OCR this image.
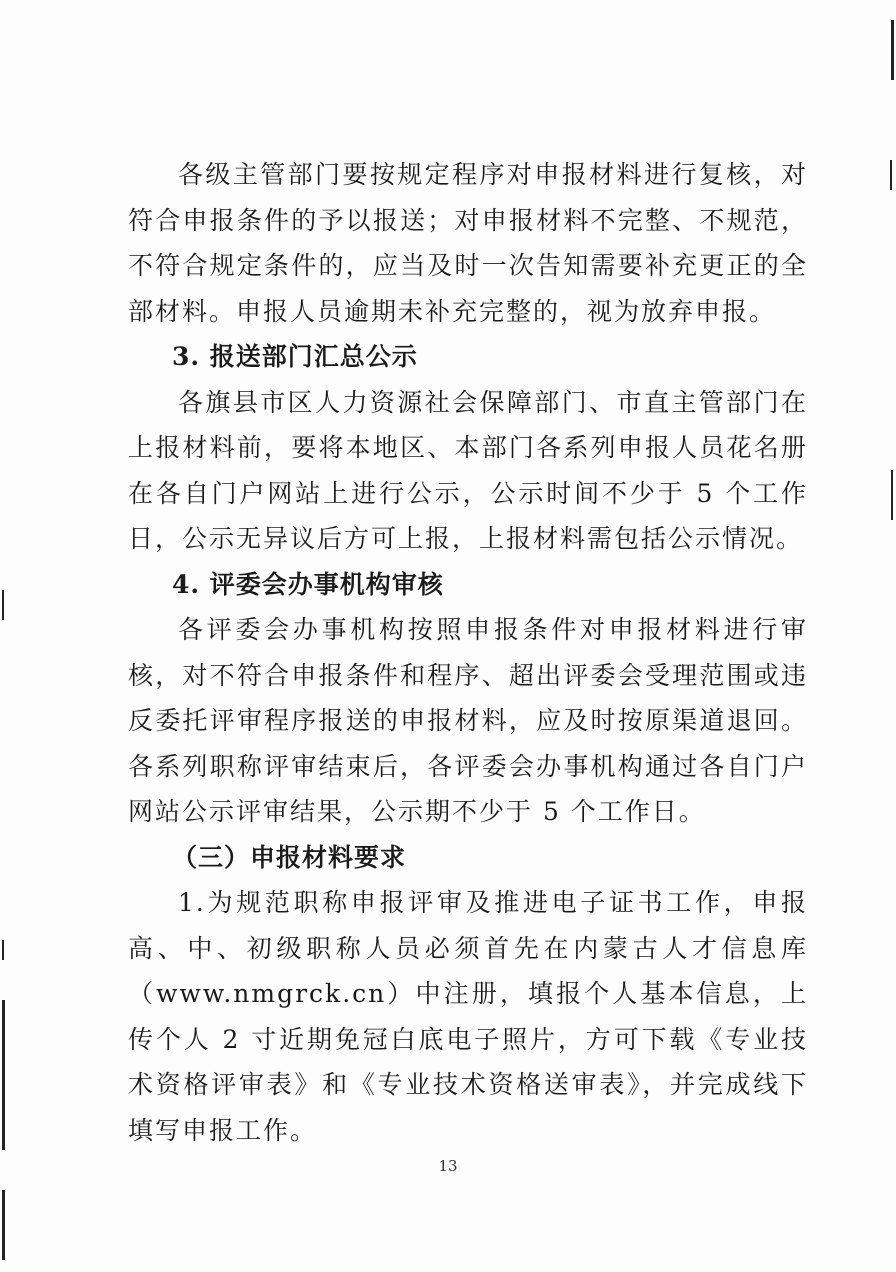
各级主管部门要按规定程序对申报材料进行复核，对符合申报条件的予以报送；对申报材料不完整、不规范，不符合规定条件的，应当及时一次告知需要补充更正的全部材料。申报人员逾期未补充完整的，视为放弃申报。

3. 报送部门汇总公示

各旗县市区人力资源社会保障部门、市直主管部门在上报材料前，要将本地区、本部门各系列申报人员花名册在各自门户网站上进行公示，公示时间不少于 5 个工作日，公示无异议后方可上报，上报材料需包括公示情况。

4. 评委会办事机构审核

各评委会办事机构按照申报条件对申报材料进行审核，对不符合申报条件和程序、超出评委会受理范围或违反委托评审程序报送的申报材料，应及时按原渠道退回。各系列职称评审结束后，各评委会办事机构通过各自门户网站公示评审结果，公示期不少于 5 个工作日。

（三）申报材料要求

1.为规范职称申报评审及推进电子证书工作，申报高、中、初级职称人员必须首先在内蒙古人才信息库（www.nmgrck.cn）中注册，填报个人基本信息，上传个人 2 寸近期免冠白底电子照片，方可下载《专业技术资格评审表》和《专业技术资格送审表》，并完成线下填写申报工作。

13
